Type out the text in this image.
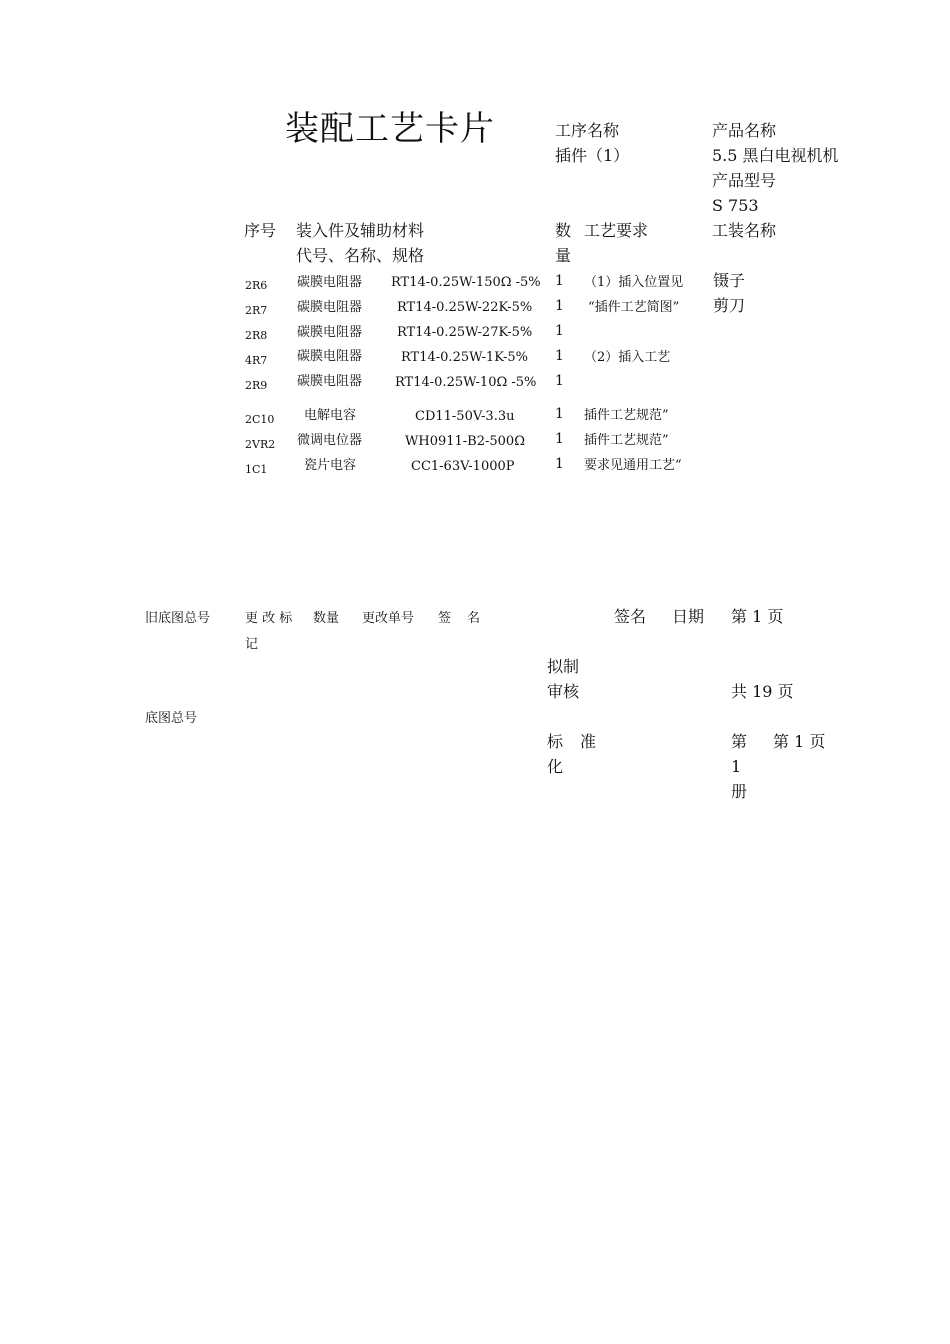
装配工艺卡片	工序名称
插件（1）
产品名称
5.5 黑白电视机机
产品型号
S 753
序号 装入件及辅助材料
代号、名称、规格
数
量
工艺要求	工装名称
2R6 碳膜电阻器 RT14-0.25W-150Ω -5% 1 （1）插入位置见 镊子
2R7 碳膜电阻器	RT14-0.25W-22K-5% 1 “插件工艺简图” 剪刀
2R8 碳膜电阻器	RT14-0.25W-27K-5% 1
4R7 碳膜电阻器	RT14-0.25W-1K-5% 1 （2）插入工艺
2R9 碳膜电阻器	RT14-0.25W-10Ω -5% 1
2C10 电解电容	CD11-50V-3.3u	1 插件工艺规范”
2VR2 微调电位器	WH0911-B2-500Ω 1 插件工艺规范”
1C1	瓷片电容	CC1-63V-1000P	1 要求见通用工艺“
旧底图总号	更 改 标
记
数量 更改单号 签 名	签名 日期 第 1 页
拟制
审核	共 19 页
底图总号
标 准
化
第
1
册
第 1 页
